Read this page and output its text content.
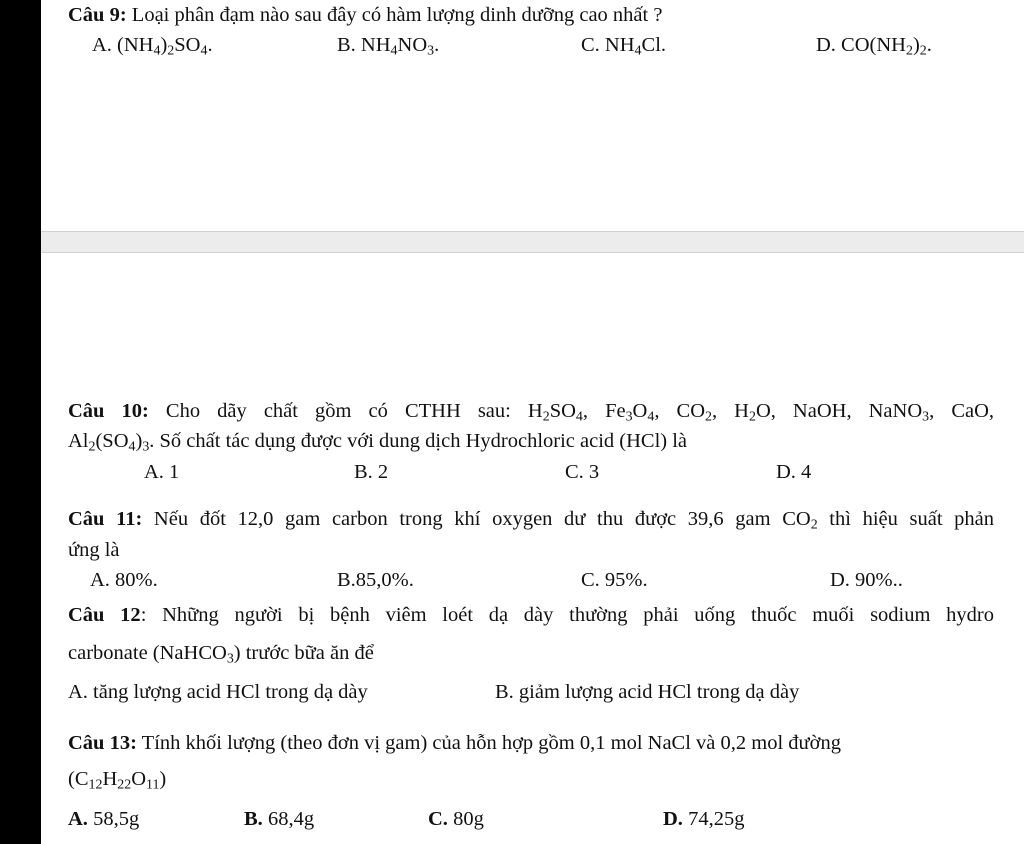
Câu 9: Loại phân đạm nào sau đây có hàm lượng dinh dưỡng cao nhất ?
A. $(NH_4)_2SO_4$.	B. $NH_4NO_3$.	C. $NH_4Cl$.	D. $CO(NH_2)_2$.
Câu 10: Cho dãy chất gồm có CTHH sau: $H_2SO_4$, $Fe_3O_4$, $CO_2$, $H_2O$, NaOH, NaNO$_3$, CaO,
$Al_2(SO_4)_3$. Số chất tác dụng được với dung dịch Hydrochloric acid (HCl) là
A. 1	B. 2	C. 3	D. 4
Câu 11: Nếu đốt 12,0 gam carbon trong khí oxygen dư thu được 39,6 gam $CO_2$ thì hiệu suất phản
ứng là
A. 80%.	B.85,0%.	C. 95%.	D. 90%..
Câu 12: Những người bị bệnh viêm loét dạ dày thường phải uống thuốc muối sodium hydro
carbonate (NaHCO$_3$) trước bữa ăn để
A. tăng lượng acid HCl trong dạ dày	B. giảm lượng acid HCl trong dạ dày
Câu 13: Tính khối lượng (theo đơn vị gam) của hỗn hợp gồm 0,1 mol NaCl và 0,2 mol đường
$(C_{12}H_{22}O_{11})$
A. 58,5g	B. 68,4g	C. 80g	D. 74,25g
